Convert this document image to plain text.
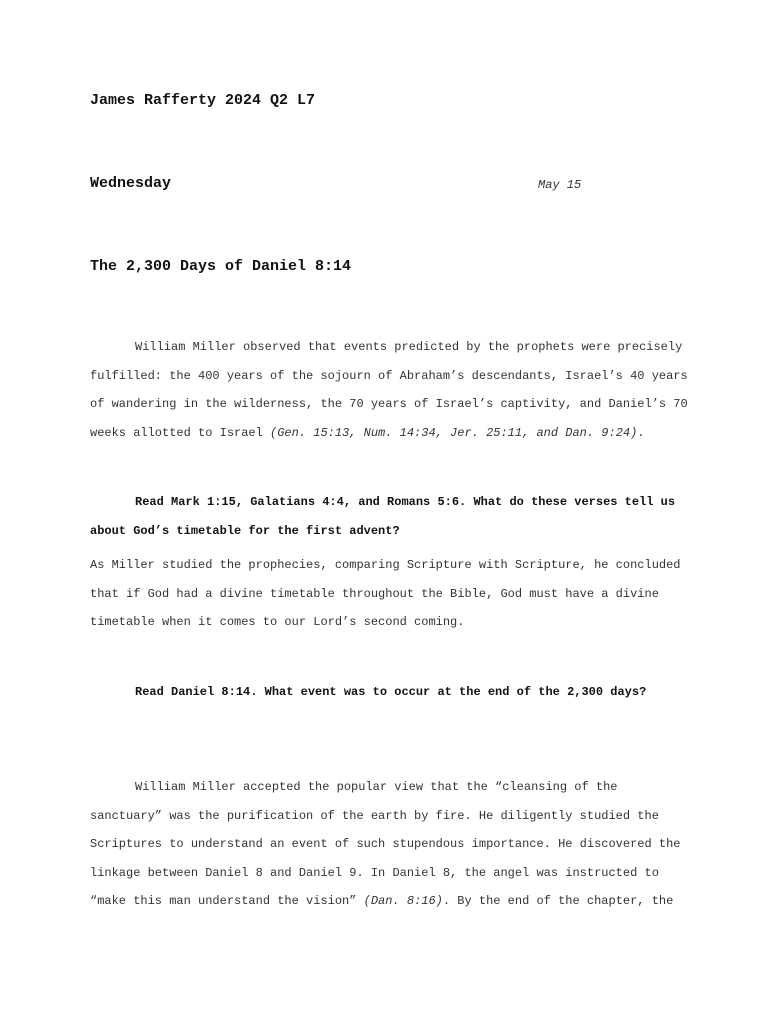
James Rafferty 2024 Q2 L7
Wednesday	May 15
The 2,300 Days of Daniel 8:14
William Miller observed that events predicted by the prophets were precisely
fulfilled: the 400 years of the sojourn of Abraham’s descendants, Israel’s 40 years
of wandering in the wilderness, the 70 years of Israel’s captivity, and Daniel’s 70
weeks allotted to Israel (Gen. 15:13, Num. 14:34, Jer. 25:11, and Dan. 9:24).
Read Mark 1:15, Galatians 4:4, and Romans 5:6. What do these verses tell us
about God’s timetable for the first advent?
As Miller studied the prophecies, comparing Scripture with Scripture, he concluded
that if God had a divine timetable throughout the Bible, God must have a divine
timetable when it comes to our Lord’s second coming.
Read Daniel 8:14. What event was to occur at the end of the 2,300 days?
William Miller accepted the popular view that the “cleansing of the
sanctuary” was the purification of the earth by fire. He diligently studied the
Scriptures to understand an event of such stupendous importance. He discovered the
linkage between Daniel 8 and Daniel 9. In Daniel 8, the angel was instructed to
“make this man understand the vision” (Dan. 8:16). By the end of the chapter, the
